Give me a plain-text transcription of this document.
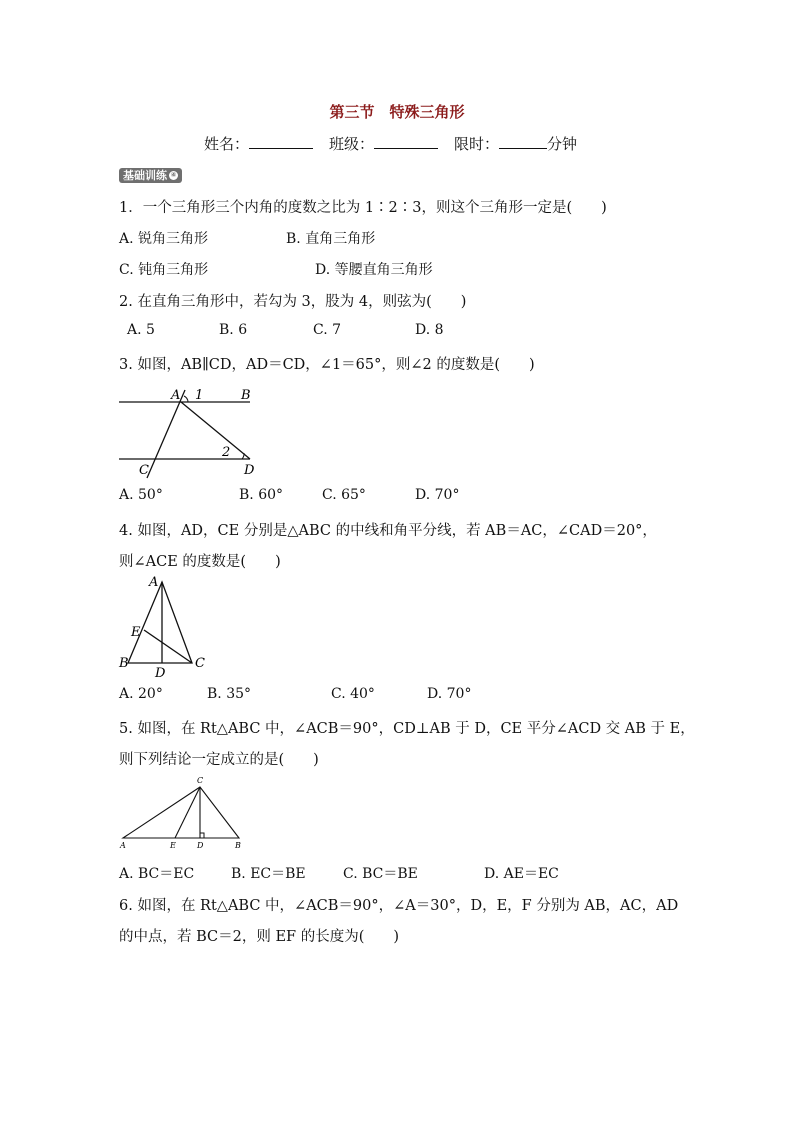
第三节　特殊三角形
姓名：	班级：	限时：	分钟
基础训练 ④
1．一个三角形三个内角的度数之比为 1∶2∶3，则这个三角形一定是(　　)
A. 锐角三角形	B. 直角三角形
C. 钝角三角形	D. 等腰直角三角形
2. 在直角三角形中，若勾为 3，股为 4，则弦为(　　)
A. 5	B. 6	C. 7	D. 8
3. 如图，AB∥CD，AD＝CD，∠1＝65°，则∠2 的度数是(　　)
A 1	B
2
C	D
A. 50°	B. 60°	C. 65°	D. 70°
4. 如图，AD，CE 分别是△ABC 的中线和角平分线，若 AB＝AC，∠CAD＝20°，
则∠ACE 的度数是(　　)
A
E
B
D
C
A. 20°	B. 35°	C. 40°	D. 70°
5. 如图，在 Rt△ABC 中，∠ACB＝90°，CD⊥AB 于 D，CE 平分∠ACD 交 AB 于 E，
则下列结论一定成立的是(　　)
C
A	E	D	B
A. BC＝EC	B. EC＝BE	C. BC＝BE	D. AE＝EC
6. 如图，在 Rt△ABC 中，∠ACB＝90°，∠A＝30°，D，E，F 分别为 AB，AC，AD
的中点，若 BC＝2，则 EF 的长度为(　　)
